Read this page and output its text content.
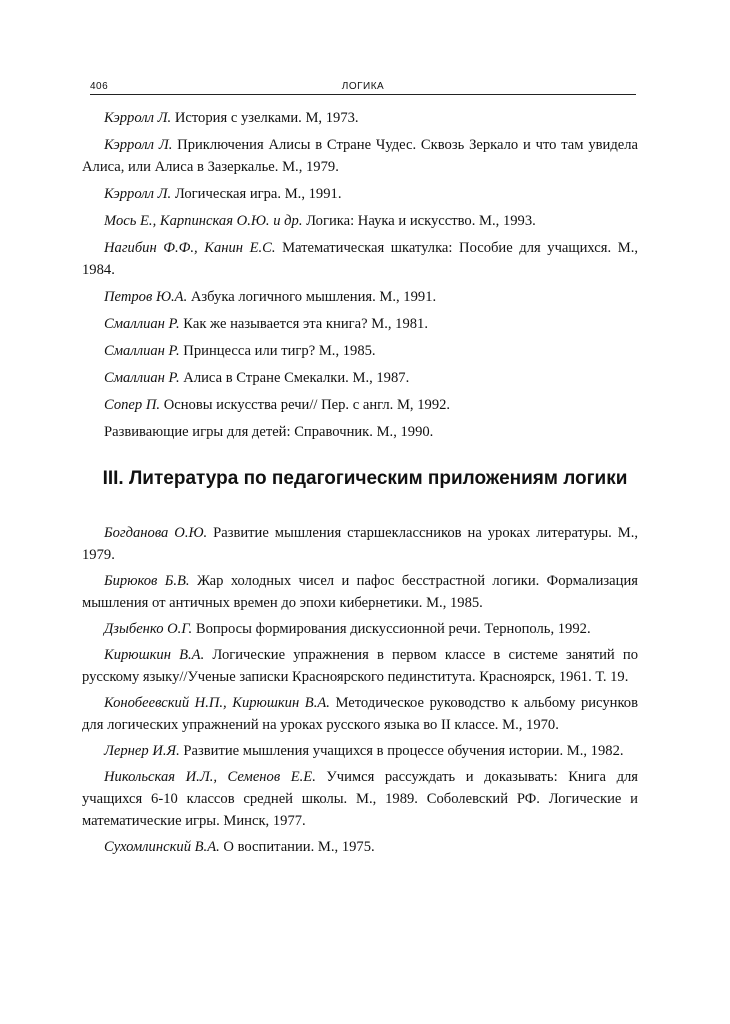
406	ЛОГИКА

Кэрролл Л. История с узелками. М, 1973.

Кэрролл Л. Приключения Алисы в Стране Чудес. Сквозь Зеркало и что там увидела Алиса, или Алиса в Зазеркалье. М., 1979.

Кэрролл Л. Логическая игра. М., 1991.

Мось Е., Карпинская О.Ю. и др. Логика: Наука и искусство. М., 1993.

Нагибин Ф.Ф., Канин Е.С. Математическая шкатулка: Пособие для учащихся. М., 1984.

Петров Ю.А. Азбука логичного мышления. М., 1991.

Смаллиан Р. Как же называется эта книга? М., 1981.

Смаллиан Р. Принцесса или тигр? М., 1985.

Смаллиан Р. Алиса в Стране Смекалки. М., 1987.

Сопер П. Основы искусства речи// Пер. с англ. М, 1992.

Развивающие игры для детей: Справочник. М., 1990.

III. Литература по педагогическим приложениям логики

Богданова О.Ю. Развитие мышления старшеклассников на уроках литературы. М., 1979.

Бирюков Б.В. Жар холодных чисел и пафос бесстрастной логики. Формализация мышления от античных времен до эпохи кибернетики. М., 1985.

Дзыбенко О.Г. Вопросы формирования дискуссионной речи. Тернополь, 1992.

Кирюшкин В.А. Логические упражнения в первом классе в системе занятий по русскому языку//Ученые записки Красноярского пединститута. Красноярск, 1961. Т. 19.

Конобеевский Н.П., Кирюшкин В.А. Методическое руководство к альбому рисунков для логических упражнений на уроках русского языка во II классе. М., 1970.

Лернер И.Я. Развитие мышления учащихся в процессе обучения истории. М., 1982.

Никольская И.Л., Семенов Е.Е. Учимся рассуждать и доказывать: Книга для учащихся 6-10 классов средней школы. М., 1989. Соболевский РФ. Логические и математические игры. Минск, 1977.

Сухомлинский В.А. О воспитании. М., 1975.
